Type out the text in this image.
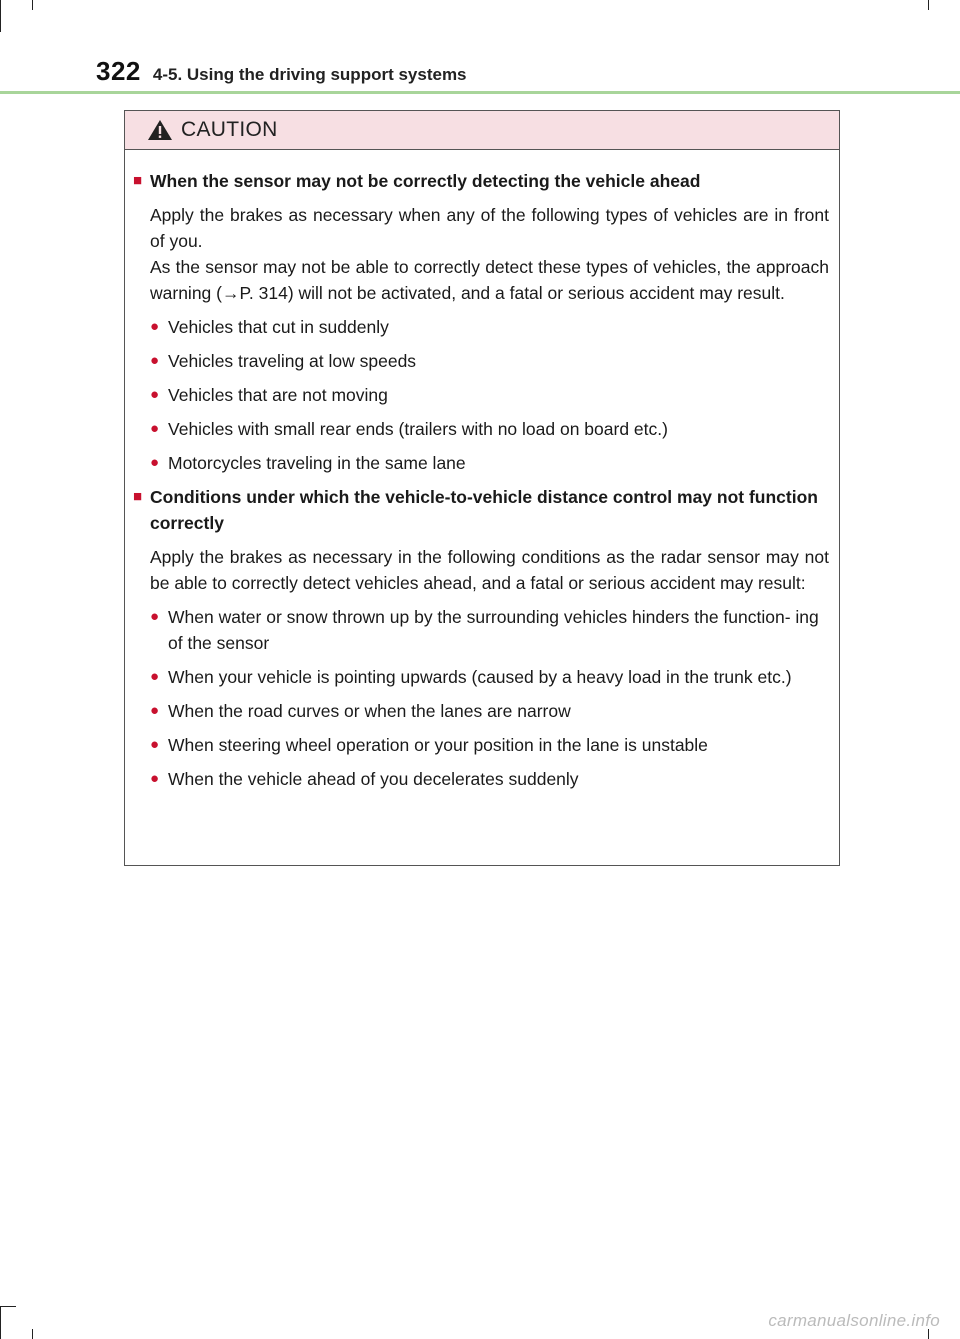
322 4-5. Using the driving support systems
CAUTION
■ When the sensor may not be correctly detecting the vehicle ahead

Apply the brakes as necessary when any of the following types of vehicles are in front of you.

As the sensor may not be able to correctly detect these types of vehicles, the approach warning (→P. 314) will not be activated, and a fatal or serious accident may result.

● Vehicles that cut in suddenly
● Vehicles traveling at low speeds
● Vehicles that are not moving
● Vehicles with small rear ends (trailers with no load on board etc.)
● Motorcycles traveling in the same lane
■ Conditions under which the vehicle-to-vehicle distance control may not function correctly

Apply the brakes as necessary in the following conditions as the radar sensor may not be able to correctly detect vehicles ahead, and a fatal or serious accident may result:

● When water or snow thrown up by the surrounding vehicles hinders the function- ing of the sensor
● When your vehicle is pointing upwards (caused by a heavy load in the trunk etc.)
● When the road curves or when the lanes are narrow
● When steering wheel operation or your position in the lane is unstable
● When the vehicle ahead of you decelerates suddenly
carmanualsonline.info
